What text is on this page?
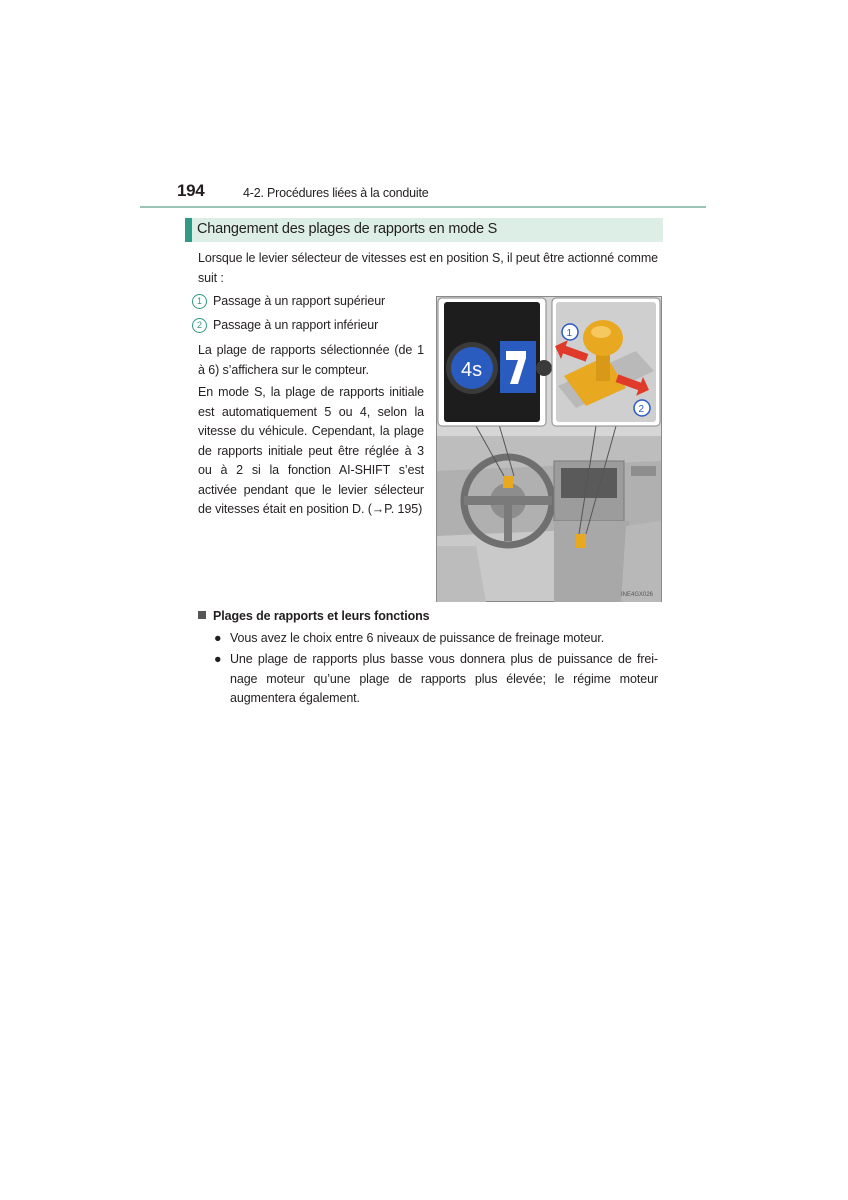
194	4-2. Procédures liées à la conduite
Changement des plages de rapports en mode S
Lorsque le levier sélecteur de vitesses est en position S, il peut être actionné comme suit :
1 Passage à un rapport supérieur
2 Passage à un rapport inférieur
La plage de rapports sélectionnée (de 1 à 6) s’affichera sur le compteur.
En mode S, la plage de rapports initiale est automatiquement 5 ou 4, selon la vitesse du véhicule. Cependant, la plage de rapports initiale peut être réglée à 3 ou à 2 si la fonction AI-SHIFT s’est activée pendant que le levier sélecteur de vitesses était en position D. (→P. 195)
4s
1
2
INE4GX026
Plages de rapports et leurs fonctions
● Vous avez le choix entre 6 niveaux de puissance de freinage moteur.
● Une plage de rapports plus basse vous donnera plus de puissance de frei-nage moteur qu’une plage de rapports plus élevée; le régime moteur augmentera également.
